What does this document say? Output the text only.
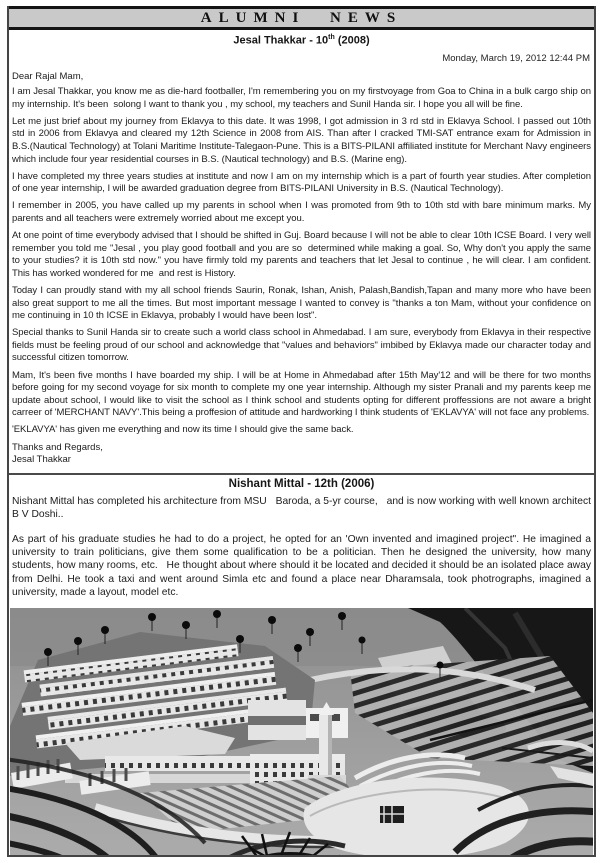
ALUMNI NEWS
Jesal Thakkar - 10th (2008)
Monday, March 19, 2012 12:44 PM
Dear Rajal Mam,

I am Jesal Thakkar, you know me as die-hard footballer, I'm remembering you on my firstvoyage from Goa to China in a bulk cargo ship on my internship. It's been  solong I want to thank you , my school, my teachers and Sunil Handa sir. I hope you all will be fine.

Let me just brief about my journey from Eklavya to this date. It was 1998, I got admission in 3 rd std in Eklavya School. I passed out 10th std in 2006 from Eklavya and cleared my 12th Science in 2008 from AIS. Than after I cracked TMI-SAT entrance exam for Admission in B.S.(Nautical Technology) at Tolani Maritime Institute-Talegaon-Pune. This is a BITS-PILANI affiliated institute for Merchant Navy engineers which include four year residential courses in B.S. (Nautical technology) and B.S. (Marine eng).

I have completed my three years studies at institute and now I am on my internship which is a part of fourth year studies. After completion of one year internship, I will be awarded graduation degree from BITS-PILANI University in B.S. (Nautical Technology).

I remember in 2005, you have called up my parents in school when I was promoted from 9th to 10th std with bare minimum marks. My parents and all teachers were extremely worried about me except you.

At one point of time everybody advised that I should be shifted in Guj. Board because I will not be able to clear 10th ICSE Board. I very well remember you told me "Jesal , you play good football and you are so  determined while making a goal. So, Why don't you apply the same to your studies? it is 10th std now." you have firmly told my parents and teachers that let Jesal to continue , he will clear. I am confident. This has worked wondered for me  and rest is History.

Today I can proudly stand with my all school friends Saurin, Ronak, Ishan, Anish, Palash,Bandish,Tapan and many more who have been also great support to me all the times. But most important message I wanted to convey is "thanks a ton Mam, without your confidence on me continuing in 10 th ICSE in Eklavya, probably I would have been lost".

Special thanks to Sunil Handa sir to create such a world class school in Ahmedabad. I am sure, everybody from Eklavya in their respective fields must be feeling proud of our school and acknowledge that "values and behaviors" imbibed by Eklavya made our character today and successful citizen tomorrow.

Mam, It's been five months I have boarded my ship. I will be at Home in Ahmedabad after 15th May'12 and will be there for two months before going for my second voyage for six month to complete my one year internship. Although my sister Pranali and my parents keep me update about school, I would like to visit the school as I think school and students opting for different proffessions are not aware a bright carreer of 'MERCHANT NAVY'.This being a proffesion of attitude and hardworking I think students of 'EKLAVYA' will not face any problems.

'EKLAVYA' has given me everything and now its time I should give the same back.

Thanks and Regards,
Jesal Thakkar

Nishant Mittal - 12th (2006)

Nishant Mittal has completed his architecture from MSU   Baroda, a 5-yr course,   and is now working with well known architect B V Doshi..

As part of his graduate studies he had to do a project, he opted for an 'Own invented and imagined project". He imagined a university to train politicians, give them some qualification to be a politician. Then he designed the university, how many students, how many rooms, etc.   He thought about where should it be located and decided it should be an isolated place away from Delhi. He took a taxi and went around Simla etc and found a place near Dharamsala, took photrographs, imagined a university, made a layout, model etc.
